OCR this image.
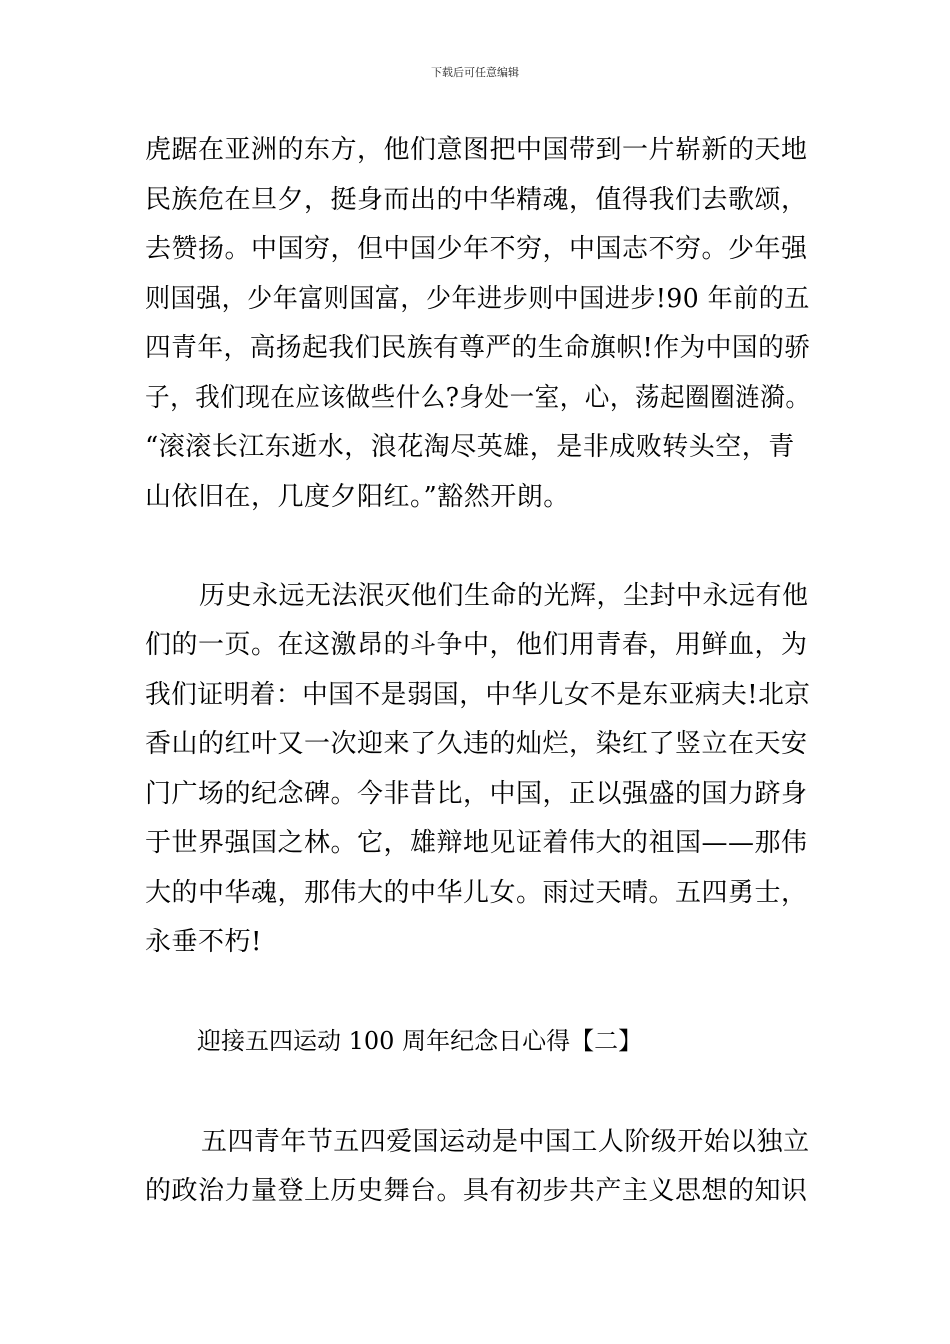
下载后可任意编辑
虎踞在亚洲的东方，他们意图把中国带到一片崭新的天地
民族危在旦夕，挺身而出的中华精魂，值得我们去歌颂，
去赞扬。中国穷，但中国少年不穷，中国志不穷。少年强
则国强，少年富则国富，少年进步则中国进步!90 年前的五
四青年，高扬起我们民族有尊严的生命旗帜!作为中国的骄
子，我们现在应该做些什么?身处一室，心，荡起圈圈涟漪。
“滚滚长江东逝水，浪花淘尽英雄，是非成败转头空，青
山依旧在，几度夕阳红。”豁然开朗。
历史永远无法泯灭他们生命的光辉，尘封中永远有他
们的一页。在这激昂的斗争中，他们用青春，用鲜血，为
我们证明着：中国不是弱国，中华儿女不是东亚病夫!北京
香山的红叶又一次迎来了久违的灿烂，染红了竖立在天安
门广场的纪念碑。今非昔比，中国，正以强盛的国力跻身
于世界强国之林。它，雄辩地见证着伟大的祖国——那伟
大的中华魂，那伟大的中华儿女。雨过天晴。五四勇士，
永垂不朽!
迎接五四运动 100 周年纪念日心得【二】
五四青年节五四爱国运动是中国工人阶级开始以独立
的政治力量登上历史舞台。具有初步共产主义思想的知识
